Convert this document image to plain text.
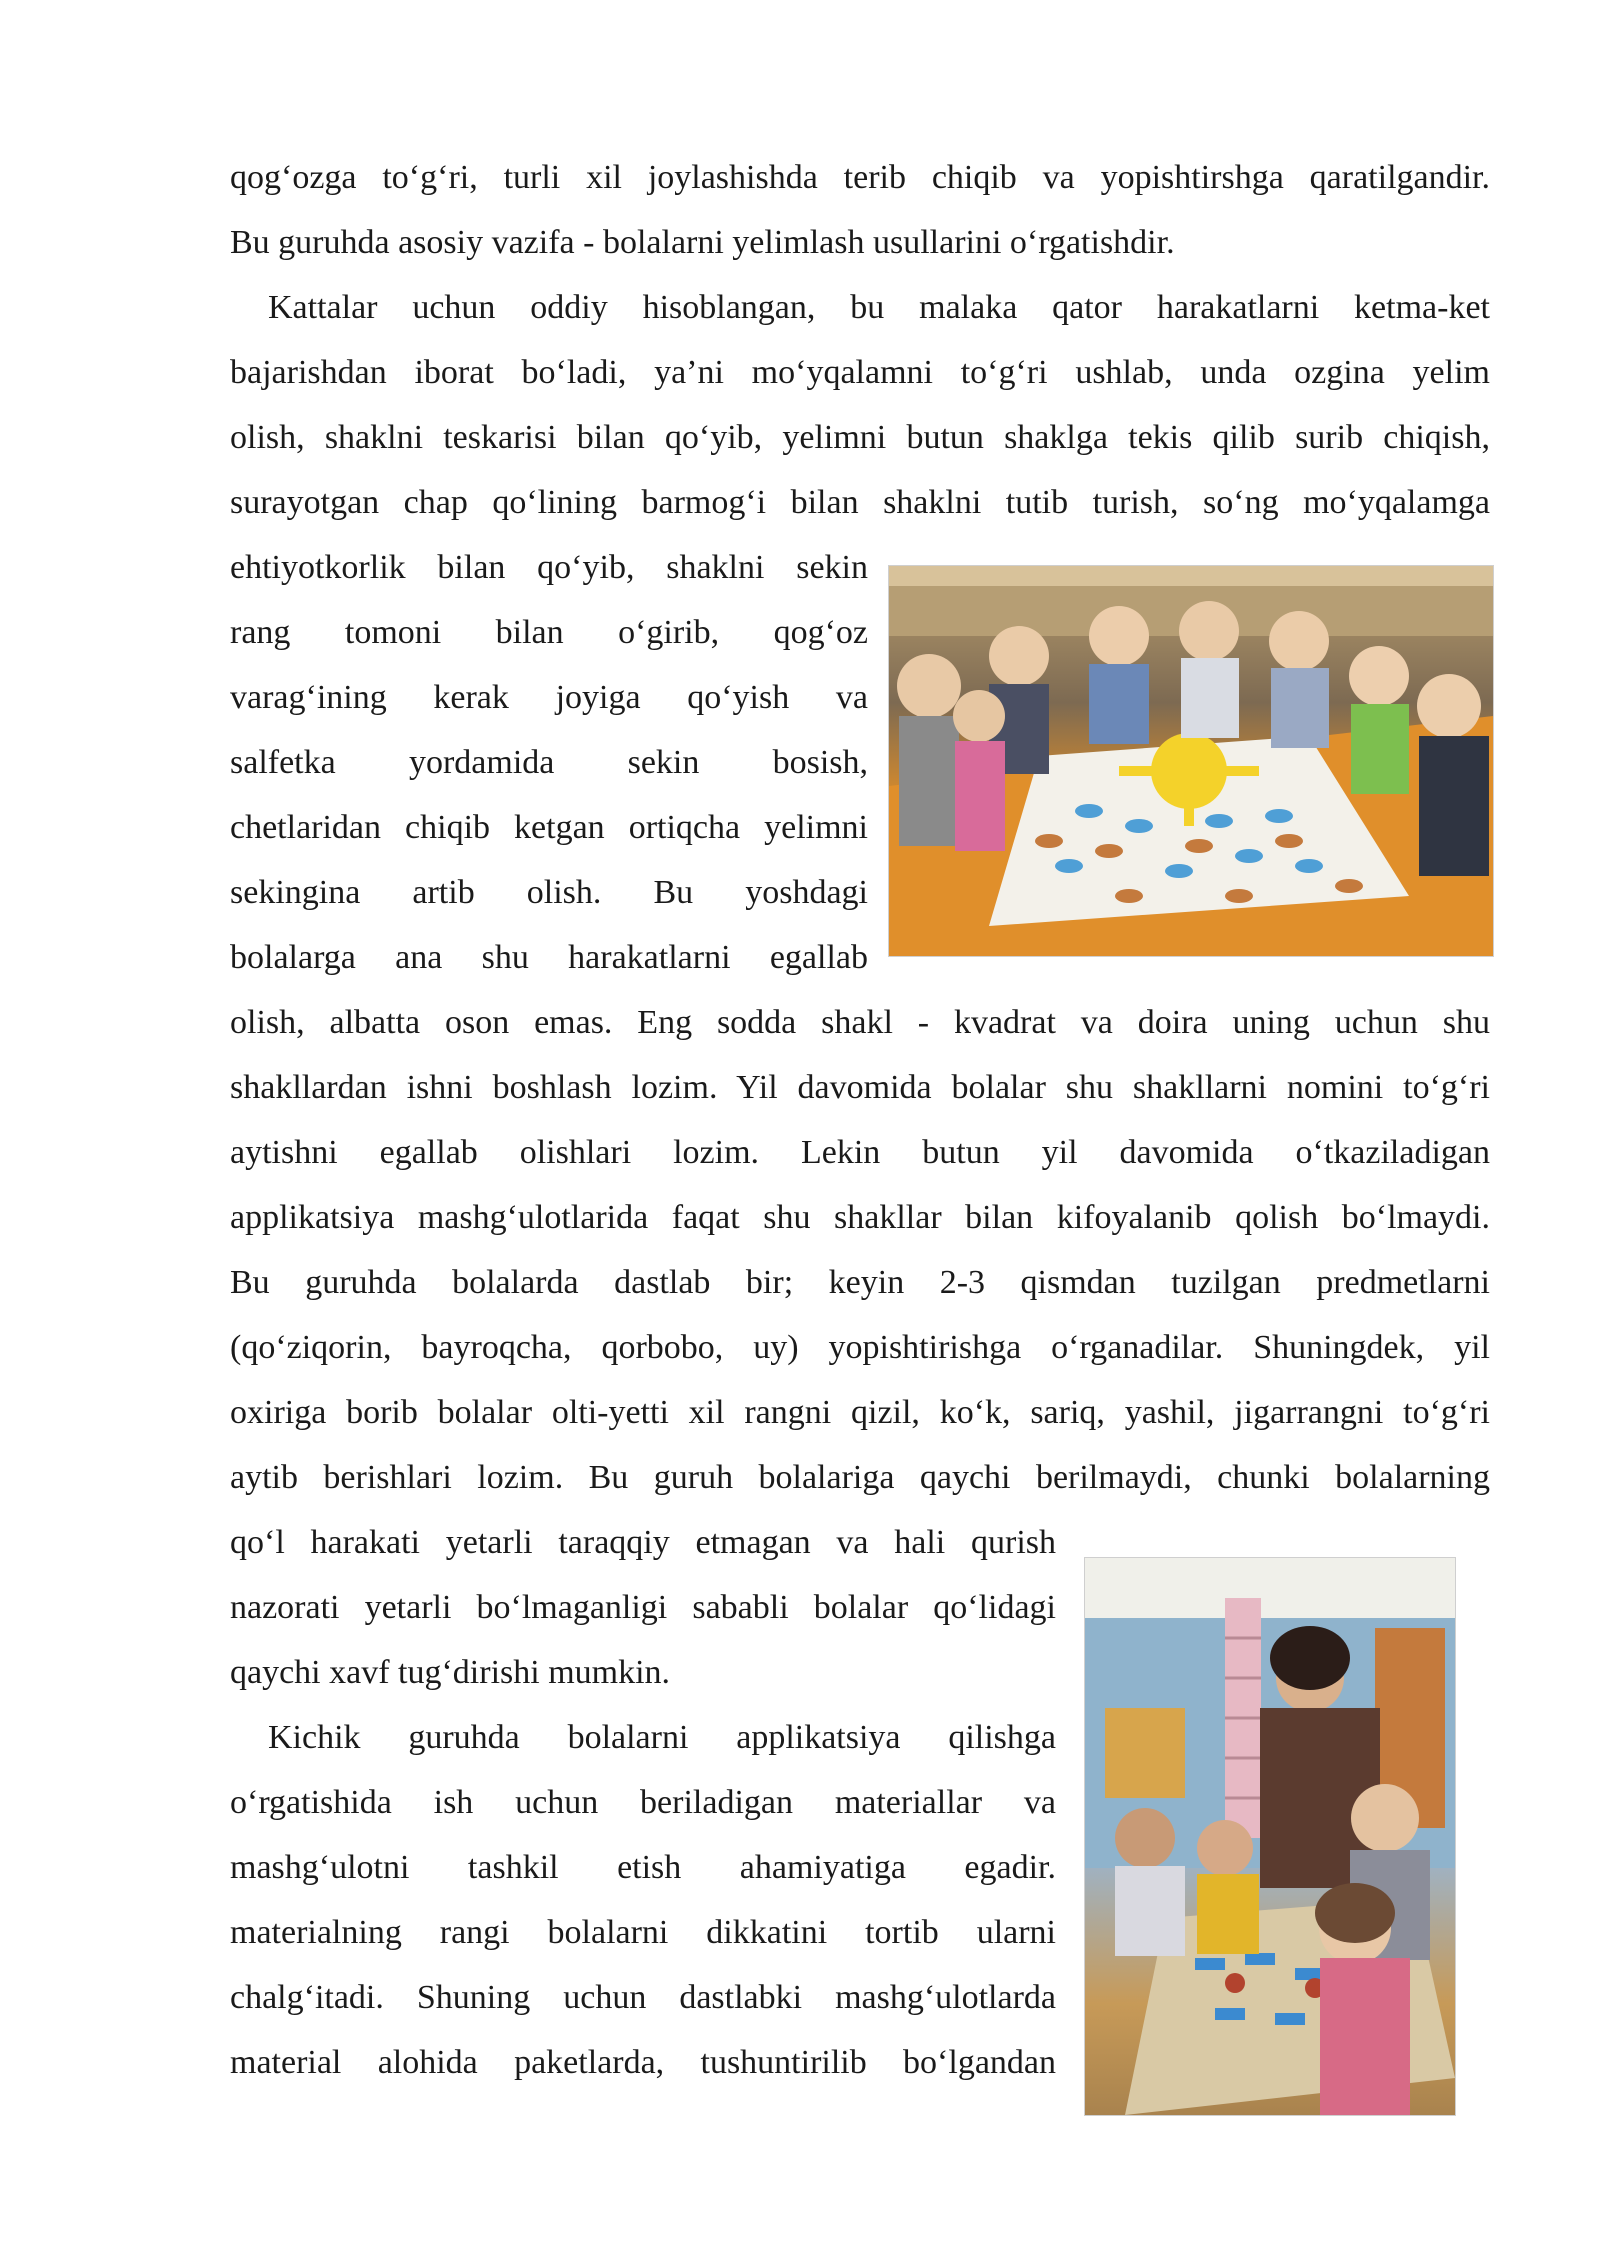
qog‘ozga to‘g‘ri, turli xil joylashishda terib chiqib va yopishtirshga qaratilgandir.

Bu guruhda asosiy vazifa - bolalarni yelimlash usullarini o‘rgatishdir.

Kattalar uchun oddiy hisoblangan, bu malaka qator harakatlarni ketma-ket

bajarishdan iborat bo‘ladi, ya’ni mo‘yqalamni to‘g‘ri ushlab, unda ozgina yelim

olish, shaklni teskarisi bilan qo‘yib, yelimni butun shaklga tekis qilib surib chiqish,

surayotgan chap qo‘lining barmog‘i bilan shaklni tutib turish, so‘ng mo‘yqalamga

ehtiyotkorlik bilan qo‘yib, shaklni sekin

rang tomoni bilan o‘girib, qog‘oz

varag‘ining kerak joyiga qo‘yish va

salfetka yordamida sekin bosish,

chetlaridan chiqib ketgan ortiqcha yelimni

sekingina artib olish. Bu yoshdagi

bolalarga ana shu harakatlarni egallab

olish, albatta oson emas. Eng sodda shakl - kvadrat va doira uning uchun shu

shakllardan ishni boshlash lozim. Yil davomida bolalar shu shakllarni nomini to‘g‘ri

aytishni egallab olishlari lozim. Lekin butun yil davomida o‘tkaziladigan

applikatsiya mashg‘ulotlarida faqat shu shakllar bilan kifoyalanib qolish bo‘lmaydi.

Bu guruhda bolalarda dastlab bir; keyin 2-3 qismdan tuzilgan predmetlarni

(qo‘ziqorin, bayroqcha, qorbobo, uy) yopishtirishga o‘rganadilar. Shuningdek, yil

oxiriga borib bolalar olti-yetti xil rangni qizil, ko‘k, sariq, yashil, jigarrangni to‘g‘ri

aytib berishlari lozim. Bu guruh bolalariga qaychi berilmaydi, chunki bolalarning

qo‘l harakati yetarli taraqqiy etmagan va hali qurish

nazorati yetarli bo‘lmaganligi sababli bolalar qo‘lidagi

qaychi xavf tug‘dirishi mumkin.

Kichik guruhda bolalarni applikatsiya qilishga

o‘rgatishida ish uchun beriladigan materiallar va

mashg‘ulotni tashkil etish ahamiyatiga egadir.

materialning rangi bolalarni dikkatini tortib ularni

chalg‘itadi. Shuning uchun dastlabki mashg‘ulotlarda

material alohida paketlarda, tushuntirilib bo‘lgandan
